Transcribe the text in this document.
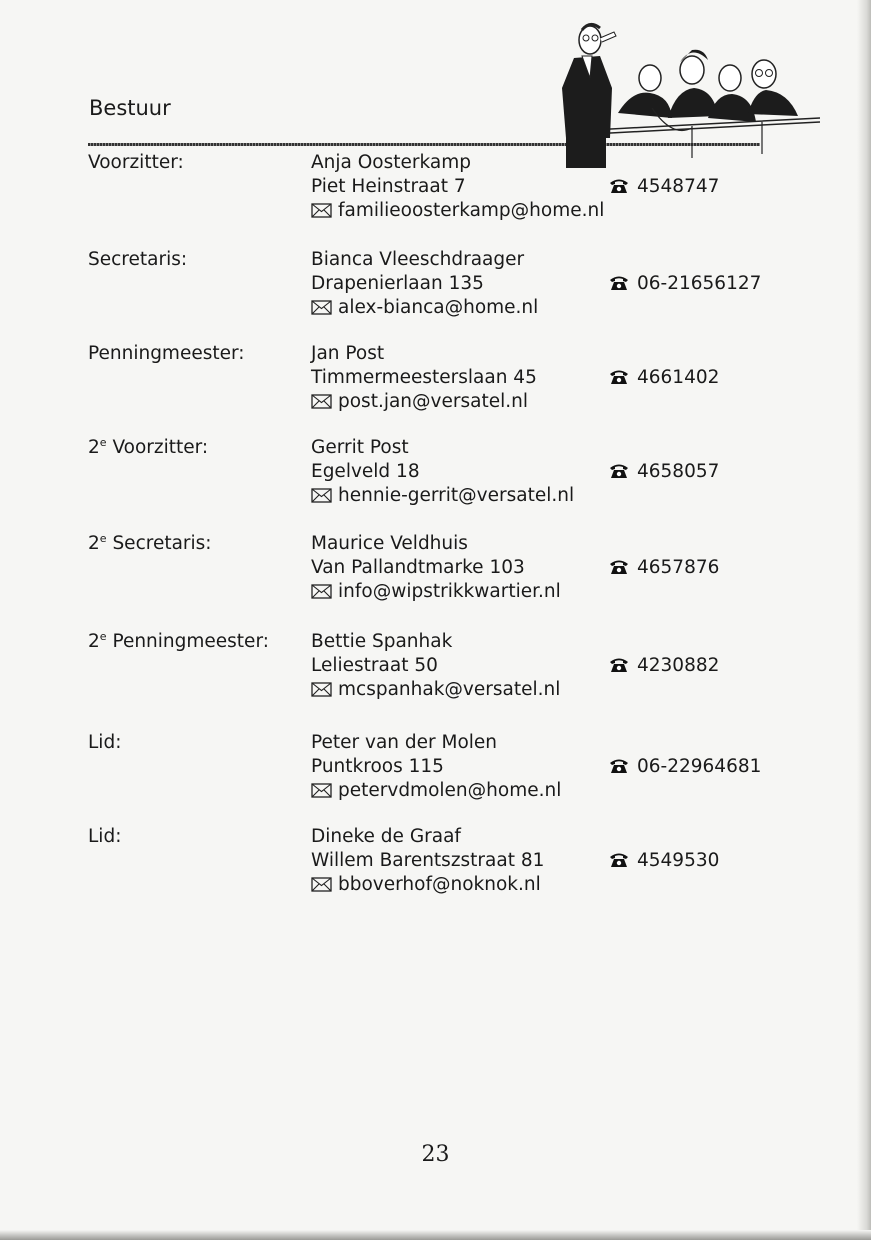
Bestuur
Voorzitter:	Anja Oosterkamp
Piet Heinstraat 7
familieoosterkamp@home.nl
4548747
Secretaris:	Bianca Vleeschdraager
Drapenierlaan 135
alex-bianca@home.nl
06-21656127
Penningmeester:	Jan Post
Timmermeesterslaan 45
post.jan@versatel.nl
4661402
2e Voorzitter:	Gerrit Post
Egelveld 18
hennie-gerrit@versatel.nl
4658057
2e Secretaris:	Maurice Veldhuis
Van Pallandtmarke 103
info@wipstrikkwartier.nl
4657876
2e Penningmeester: Bettie Spanhak
Leliestraat 50
mcspanhak@versatel.nl
4230882
Lid:	Peter van der Molen
Puntkroos 115
petervdmolen@home.nl
06-22964681
Lid:	Dineke de Graaf
Willem Barentszstraat 81
bboverhof@noknok.nl
4549530
23
